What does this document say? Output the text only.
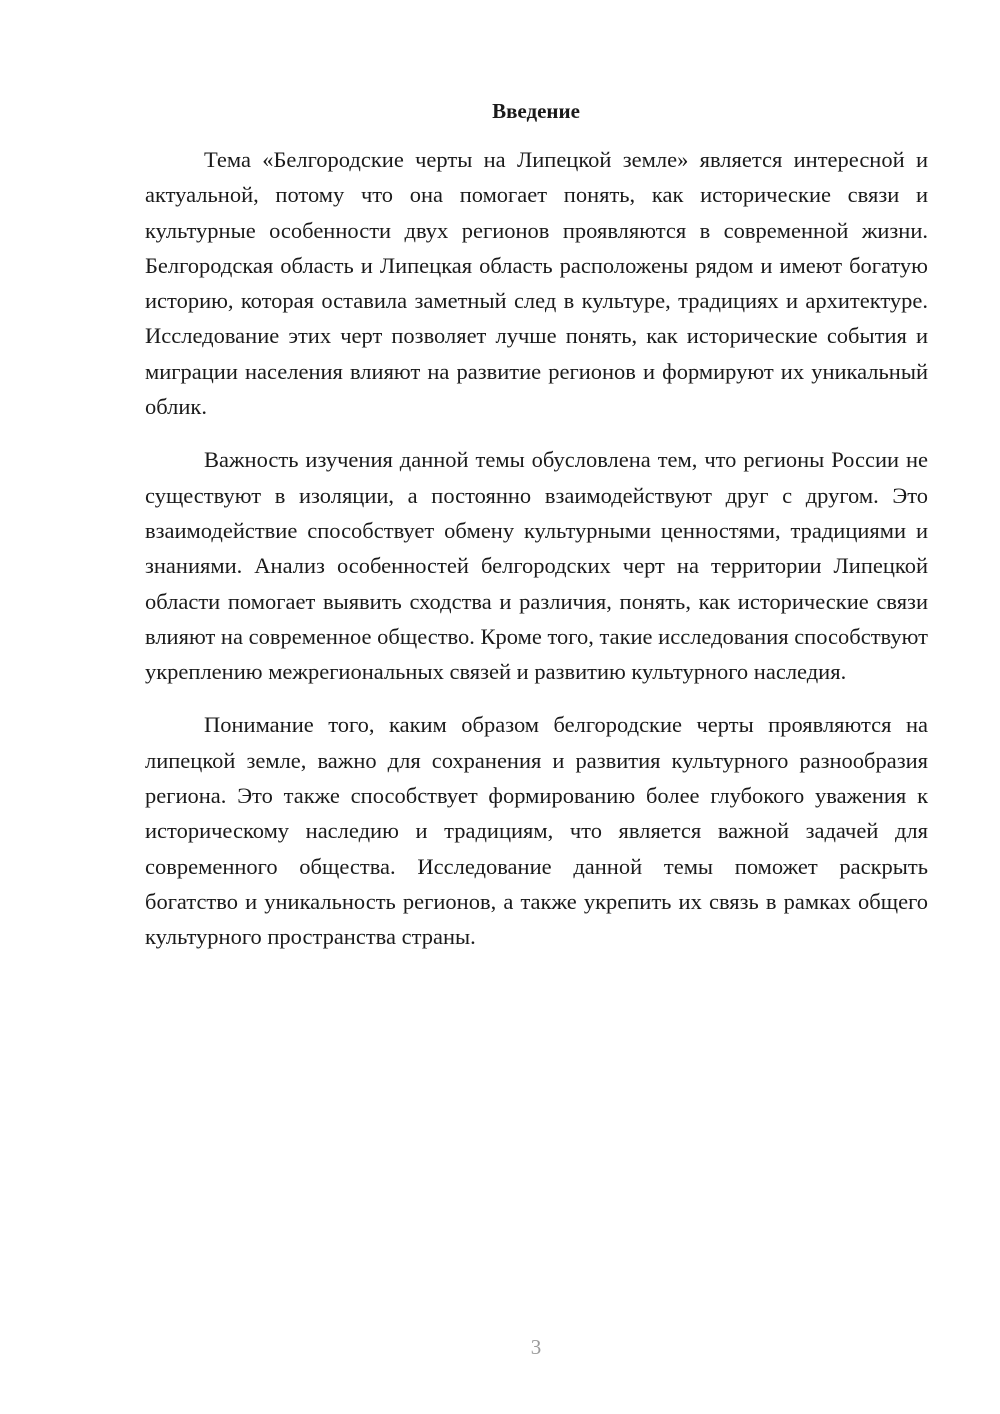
Введение

Тема «Белгородские черты на Липецкой земле» является интересной и актуальной, потому что она помогает понять, как исторические связи и культурные особенности двух регионов проявляются в современной жизни. Белгородская область и Липецкая область расположены рядом и имеют богатую историю, которая оставила заметный след в культуре, традициях и архитектуре. Исследование этих черт позволяет лучше понять, как исторические события и миграции населения влияют на развитие регионов и формируют их уникальный облик.

Важность изучения данной темы обусловлена тем, что регионы России не существуют в изоляции, а постоянно взаимодействуют друг с другом. Это взаимодействие способствует обмену культурными ценностями, традициями и знаниями. Анализ особенностей белгородских черт на территории Липецкой области помогает выявить сходства и различия, понять, как исторические связи влияют на современное общество. Кроме того, такие исследования способствуют укреплению межрегиональных связей и развитию культурного наследия.

Понимание того, каким образом белгородские черты проявляются на липецкой земле, важно для сохранения и развития культурного разнообразия региона. Это также способствует формированию более глубокого уважения к историческому наследию и традициям, что является важной задачей для современного общества. Исследование данной темы поможет раскрыть богатство и уникальность регионов, а также укрепить их связь в рамках общего культурного пространства страны.

3
